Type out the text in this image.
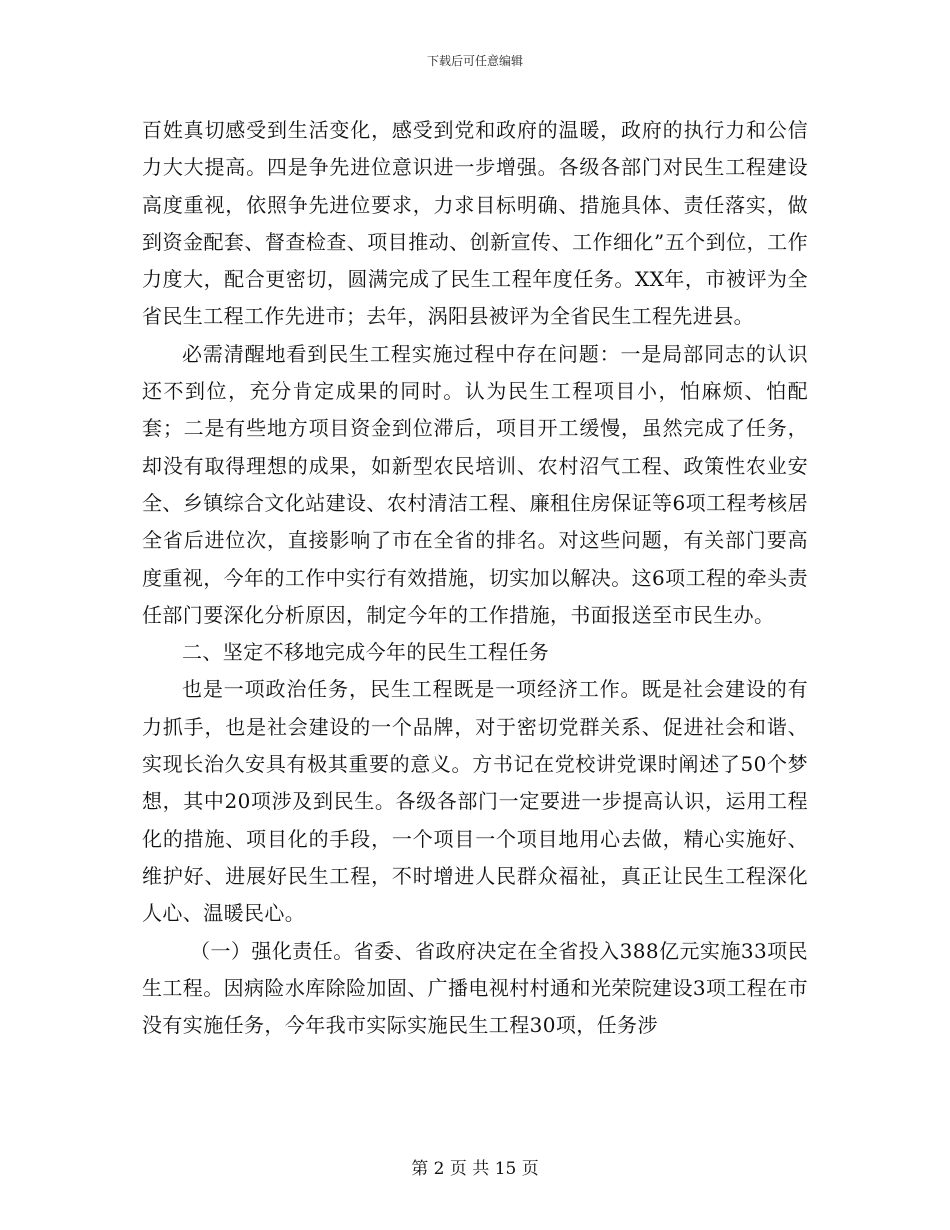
下载后可任意编辑

百姓真切感受到生活变化，感受到党和政府的温暖，政府的执行力和公信力大大提高。四是争先进位意识进一步增强。各级各部门对民生工程建设高度重视，依照争先进位要求，力求目标明确、措施具体、责任落实，做到资金配套、督查检查、项目推动、创新宣传、工作细化”五个到位，工作力度大，配合更密切，圆满完成了民生工程年度任务。XX年，市被评为全省民生工程工作先进市；去年，涡阳县被评为全省民生工程先进县。

必需清醒地看到民生工程实施过程中存在问题：一是局部同志的认识还不到位，充分肯定成果的同时。认为民生工程项目小，怕麻烦、怕配套；二是有些地方项目资金到位滞后，项目开工缓慢，虽然完成了任务，却没有取得理想的成果，如新型农民培训、农村沼气工程、政策性农业安全、乡镇综合文化站建设、农村清洁工程、廉租住房保证等6项工程考核居全省后进位次，直接影响了市在全省的排名。对这些问题，有关部门要高度重视，今年的工作中实行有效措施，切实加以解决。这6项工程的牵头责任部门要深化分析原因，制定今年的工作措施，书面报送至市民生办。

二、坚定不移地完成今年的民生工程任务

也是一项政治任务，民生工程既是一项经济工作。既是社会建设的有力抓手，也是社会建设的一个品牌，对于密切党群关系、促进社会和谐、实现长治久安具有极其重要的意义。方书记在党校讲党课时阐述了50个梦想，其中20项涉及到民生。各级各部门一定要进一步提高认识，运用工程化的措施、项目化的手段，一个项目一个项目地用心去做，精心实施好、维护好、进展好民生工程，不时增进人民群众福祉，真正让民生工程深化人心、温暖民心。

（一）强化责任。省委、省政府决定在全省投入388亿元实施33项民生工程。因病险水库除险加固、广播电视村村通和光荣院建设3项工程在市没有实施任务，今年我市实际实施民生工程30项，任务涉

第 2 页 共 15 页
